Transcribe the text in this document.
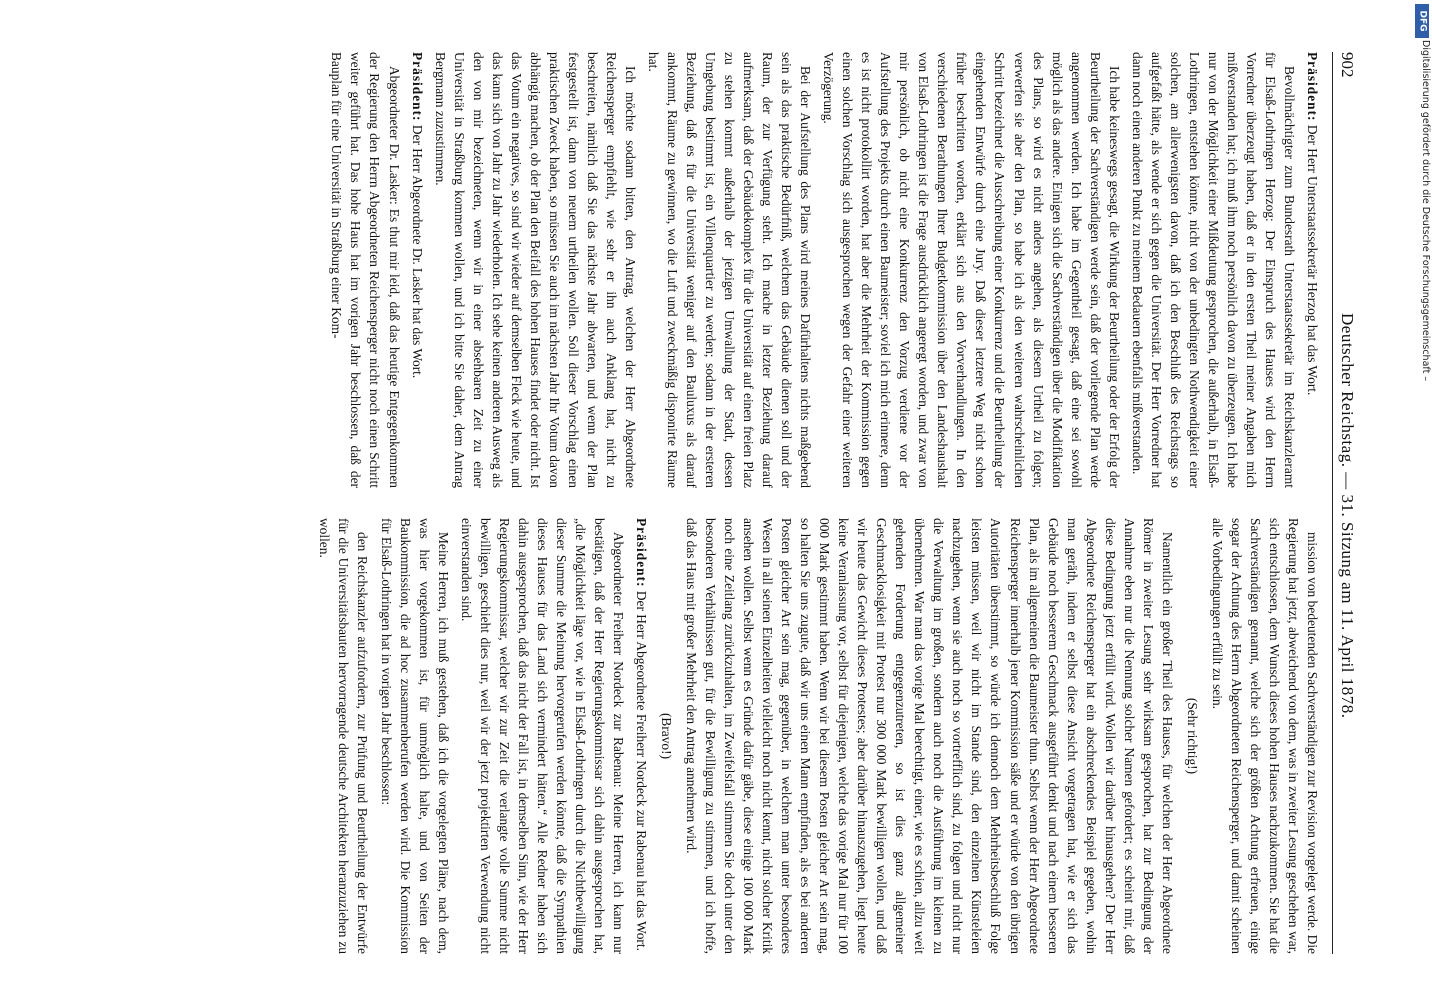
902
Deutscher Reichstag. — 31. Sitzung am 11. April 1878.

Präsident: Der Herr Unterstaatssekretär Herzog hat das Wort.

Bevollmächtigter zum Bundesrath Unterstaatssekretär im Reichskanzleramt für Elsaß-Lothringen Herzog: Der Einspruch des Hauses wird den Herrn Vorredner überzeugt haben, daß er in den ersten Theil meiner Angaben mich mißverstanden hat; ich muß ihm noch persönlich davon zu überzeugen. Ich habe nur von der Möglichkeit einer Mißdeutung gesprochen, die außerhalb, in Elsaß-Lothringen, entstehen könnte, nicht von der unbedingten Nothwendigkeit einer solchen, am allerwenigsten davon, daß ich den Beschluß des Reichstags so aufgefaßt hätte, als wende er sich gegen die Universität. Der Herr Vorredner hat dann noch einen anderen Punkt zu meinem Bedauern ebenfalls mißverstanden.

Ich habe keineswegs gesagt, die Wirkung der Beurtheilung oder der Erfolg der Beurtheilung der Sachverständigen werde sein, daß der vorliegende Plan werde angenommen werden. Ich habe im Gegentheil gesagt, daß eine sei sowohl möglich als das andere. Einigen sich die Sachverständigen über die Modifikation des Plans, so wird es nicht anders angehen, als diesem Urtheil zu folgen; verwerfen sie aber den Plan, so habe ich als den weiteren wahrscheinlichen Schritt bezeichnet die Ausschreibung einer Konkurrenz und die Beurtheilung der eingehenden Entwürfe durch eine Jury. Daß dieser letztere Weg nicht schon früher beschritten worden, erklärt sich aus den Vorverhandlungen. In den verschiedenen Berathungen Ihrer Budgetkommission über den Landeshaushalt von Elsaß-Lothringen ist die Frage ausdrücklich angeregt worden, und zwar von mir persönlich, ob nicht eine Konkurrenz den Vorzug verdiene vor der Aufstellung des Projekts durch einen Baumeister; soviel ich mich erinnere, denn es ist nicht protokollirt worden, hat aber die Mehrheit der Kommission gegen einen solchen Vorschlag sich ausgesprochen wegen der Gefahr einer weiteren Verzögerung.

Bei der Aufstellung des Plans wird meines Dafürhaltens nichts maßgebend sein als das praktische Bedürfniß, welchem das Gebäude dienen soll und der Raum, der zur Verfügung steht. Ich mache in letzter Beziehung darauf aufmerksam, daß der Gebäudekomplex für die Universität auf einen freien Platz zu stehen kommt außerhalb der jetzigen Umwallung der Stadt, dessen Umgebung bestimmt ist, ein Villenquartier zu werden; sodann in der ersteren Beziehung, daß es für die Universität weniger auf den Bauluxus als darauf ankommt, Räume zu gewinnen, wo die Luft und zweckmäßig disponirte Räume hat.

Ich möchte sodann bitten, den Antrag, welchen der Herr Abgeordnete Reichensperger empfiehlt, wie sehr er ihn auch Anklang hat, nicht zu beschreiten, nämlich daß Sie das nächste Jahr abwarten, und wenn der Plan festgestellt ist, dann von neuem urtheilen wollen. Soll dieser Vorschlag einen praktischen Zweck haben, so müssen Sie auch im nächsten Jahr Ihr Votum davon abhängig machen, ob der Plan den Beifall des hohen Hauses findet oder nicht. Ist das Votum ein negatives, so sind wir wieder auf demselben Fleck wie heute, und das kann sich von Jahr zu Jahr wiederholen. Ich sehe keinen anderen Ausweg als den von mir bezeichneten, wenn wir in einer absehbaren Zeit zu einer Universität in Straßburg kommen wollen, und ich bitte Sie daher, dem Antrag Bergmann zuzustimmen.

Präsident: Der Herr Abgeordnete Dr. Lasker hat das Wort.

Abgeordneter Dr. Lasker: Es thut mir leid, daß das heutige Entgegenkommen der Regierung den Herrn Abgeordneten Reichensperger nicht noch einen Schritt weiter geführt hat. Das hohe Haus hat im vorigen Jahr beschlossen, daß der Bauplan für eine Universität in Straßburg einer Kom-

mission von bedeutenden Sachverständigen zur Revision vorgelegt werde. Die Regierung hat jetzt, abweichend von dem, was in zweiter Lesung geschehen war, sich entschlossen, dem Wunsch dieses hohen Hauses nachzukommen. Sie hat die Sachverständigen genannt, welche sich der größten Achtung erfreuen, einige sogar der Achtung des Herrn Abgeordneten Reichensperger, und damit scheinen alle Vorbedingungen erfüllt zu sein.

(Sehr richtig!)

Namentlich ein großer Theil des Hauses, für welchen der Herr Abgeordnete Römer in zweiter Lesung sehr wirksam gesprochen, hat zur Bedingung der Annahme eben nur die Nennung solcher Namen gefordert; es scheint mir, daß diese Bedingung jetzt erfüllt wird. Wollen wir darüber hinausgehen? Der Herr Abgeordnete Reichensperger hat ein abschreckendes Beispiel gegeben, wohin man geräth, indem er selbst diese Ansicht vorgetragen hat, wie er sich das Gebäude noch besserem Geschmack ausgeführt denkt und nach einem besseren Plan, als im allgemeinen die Baumeister thun. Selbst wenn der Herr Abgeordnete Reichensperger innerhalb jener Kommission säße und er würde von den übrigen Autoritäten überstimmt, so würde ich dennoch dem Mehrheitsbeschluß Folge leisten müssen, weil wir nicht im Stande sind, den einzelnen Künsteleien nachzugehen, wenn sie auch noch so vortrefflich sind, zu folgen und nicht nur die Verwaltung im großen, sondern auch noch die Ausführung im kleinen zu übernehmen. War man das vorige Mal berechtigt, einer, wie es schien, allzu weit gehenden Forderung entgegenzutreten, so ist dies ganz allgemeiner Geschmacklosigkeit mit Protest nur 300 000 Mark bewilligen wollen, und daß wir heute das Gewicht dieses Protestes; aber darüber hinauszugehen, liegt heute keine Veranlassung vor, selbst für diejenigen, welche das vorige Mal nur für 100 000 Mark gestimmt haben. Wenn wir bei diesem Posten gleicher Art sein mag, so halten Sie uns zugute, daß wir uns einen Mann empfinden, als es bei anderen Posten gleicher Art sein mag, gegenüber, in welchem man unter besonderes Wesen in all seinen Einzelheiten vielleicht noch nicht kennt, nicht solcher Kritik ansehen wollen. Selbst wenn es Gründe dafür gäbe, diese einige 100 000 Mark noch eine Zeitlang zurückzuhalten, im Zweifelsfall stimmen Sie doch unter den besonderen Verhältnissen gut, für die Bewilligung zu stimmen, und ich hoffe, daß das Haus mit großer Mehrheit den Antrag annehmen wird.

(Bravo!)

Präsident: Der Herr Abgeordnete Freiherr Nordeck zur Rabenau hat das Wort.

Abgeordneter Freiherr Nordeck zur Rabenau: Meine Herren, ich kann nur bestätigen, daß der Herr Regierungskommissar sich dahin ausgesprochen hat, „die Möglichkeit läge vor, wie in Elsaß-Lothringen durch die Nichtbewilligung dieser Summe die Meinung hervorgerufen werden könnte, daß die Sympathien dieses Hauses für das Land sich vermindert hätten.“ Alle Redner haben sich dahin ausgesprochen, daß das nicht der Fall ist, in demselben Sinn, wie der Herr Regierungskommissar, welcher wir zur Zeit die verlangte volle Summe nicht bewilligen, geschieht dies nur, weil wir der jetzt projektirten Verwendung nicht einverstanden sind.

Meine Herren, ich muß gestehen, daß ich die vorgelegten Pläne, nach dem, was hier vorgekommen ist, für unmöglich halte, und von Seiten der Baukommission, die ad hoc zusammenberufen werden wird. Die Kommission für Elsaß-Lothringen hat in vorigen Jahr beschlossen:

den Reichskanzler aufzufordern, zur Prüfung und Beurtheilung der Entwürfe für die Universitätsbauten hervorragende deutsche Architekten heranzuziehen zu wollen.

DFG
Digitalisierung gefördert durch die Deutsche Forschungsgemeinschaft –
